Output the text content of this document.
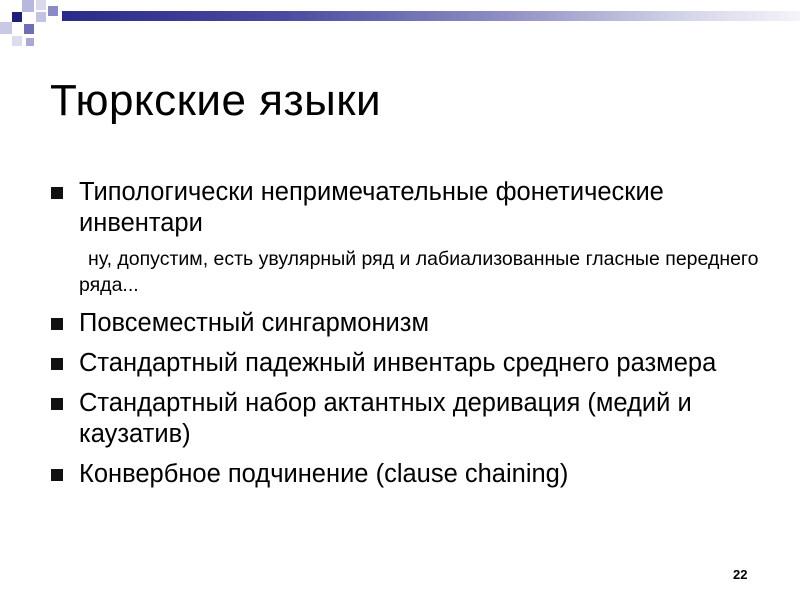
Тюркские языки
Типологически непримечательные фонетические инвентари
ну, допустим, есть увулярный ряд и лабиализованные гласные переднего ряда...
Повсеместный сингармонизм
Стандартный падежный инвентарь среднего размера
Стандартный набор актантных деривация (медий и каузатив)
Конвербное подчинение (clause chaining)
22
